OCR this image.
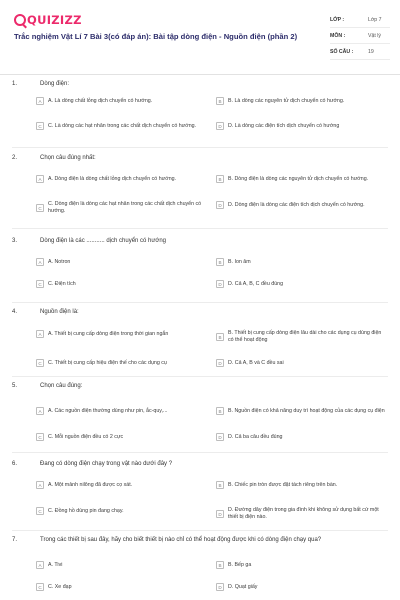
QUIZIZZ
Trắc nghiệm Vật Lí 7 Bài 3(có đáp án): Bài tập dòng điện - Nguồn điện (phần 2)
LỚP :	Lớp 7
MÔN :	Vật lý
SỐ CÂU :	19
1.	Dòng điện:
A	A. Là dòng chất lỏng dịch chuyển có hướng.	B	B. Là dòng các nguyên tử dịch chuyển có hướng.
C	C. Là dòng các hạt nhân trong các chất dịch chuyển có hướng.	D	D. Là dòng các điện tích dịch chuyển có hướng
2.	Chọn câu đúng nhất:
A	A. Dòng điện là dòng chất lỏng dịch chuyển có hướng.	B	B. Dòng điện là dòng các nguyên tử dịch chuyển có hướng.
C
C. Dòng điện là dòng các hạt nhân trong các chất dịch chuyển có hướng.
D	D. Dòng điện là dòng các điện tích dịch chuyển có hướng.
3.	Dòng điện là các ........... dịch chuyển có hướng
A	A. Notron	B	B. Ion âm
C	C. Điện tích	D	D. Cả A, B, C đều đúng
4.	Nguồn điện là:
A	A. Thiết bị cung cấp dòng điện trong thời gian ngắn
B
B. Thiết bị cung cấp dòng điện lâu dài cho các dụng cụ dùng điện có thể hoạt động
C	C. Thiết bị cung cấp hiệu điện thế cho các dụng cụ	D	D. Cả A, B và C đều sai
5.	Chọn câu đúng:
A	A. Các nguồn điện thường dùng như pin, ắc-quy,...	B	B. Nguồn điện có khả năng duy trì hoạt động của các dụng cụ điện
C	C. Mỗi nguồn điện đều có 2 cực	D	D. Cả ba câu đều đúng
6.	Đang có dòng điện chạy trong vật nào dưới đây ?
A	A. Một mảnh nilông đã được cọ xát.	B	B. Chiếc pin tròn được đặt tách riêng trên bàn.
C	C. Đồng hồ dùng pin đang chạy.
D
D. Đường dây điện trong gia đình khi không sử dụng bất cứ một thiết bị điện nào.
7.	Trong các thiết bị sau đây, hãy cho biết thiết bị nào chỉ có thể hoạt động được khi có dòng điện chạy qua?
A	A. Tivi	B	B. Bếp ga
C	C. Xe đạp	D	D. Quạt giấy
